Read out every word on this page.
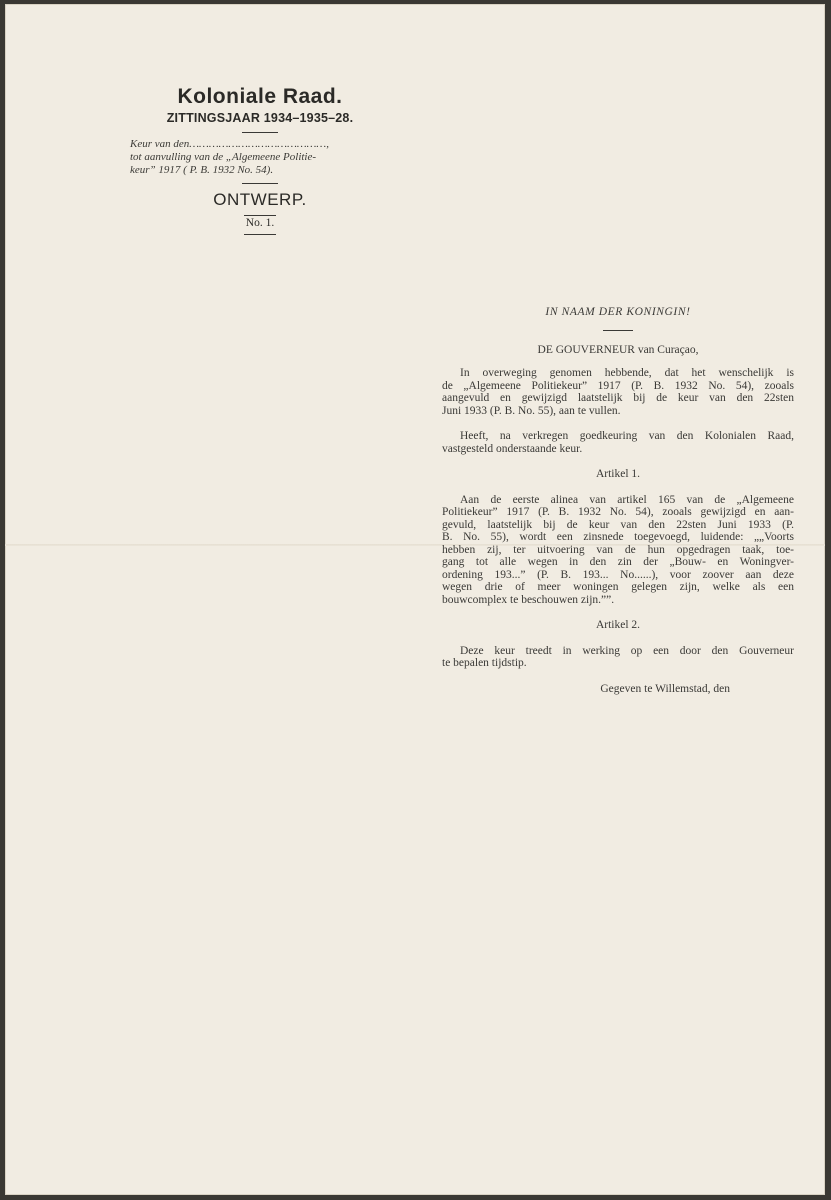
Koloniale Raad.

ZITTINGSJAAR 1934–1935–28.

Keur van den……………………………………,
tot aanvulling van de „Algemeene Politie-
keur” 1917 ( P. B. 1932 No. 54).

ONTWERP.

No. 1.

IN NAAM DER KONINGIN!

DE GOUVERNEUR van Curaçao,

In overweging genomen hebbende, dat het wenschelijk is
de „Algemeene Politiekeur” 1917 (P. B. 1932 No. 54), zooals
aangevuld en gewijzigd laatstelijk bij de keur van den 22sten
Juni 1933 (P. B. No. 55), aan te vullen.
Heeft, na verkregen goedkeuring van den Kolonialen Raad,
vastgesteld onderstaande keur.

Artikel 1.

Aan de eerste alinea van artikel 165 van de „Algemeene
Politiekeur” 1917 (P. B. 1932 No. 54), zooals gewijzigd en aan-
gevuld, laatstelijk bij de keur van den 22sten Juni 1933 (P.
B. No. 55), wordt een zinsnede toegevoegd, luidende: „„Voorts
hebben zij, ter uitvoering van de hun opgedragen taak, toe-
gang tot alle wegen in den zin der „Bouw- en Woningver-
ordening 193...” (P. B. 193... No......), voor zoover aan deze
wegen drie of meer woningen gelegen zijn, welke als een
bouwcomplex te beschouwen zijn.””.

Artikel 2.

Deze keur treedt in werking op een door den Gouverneur
te bepalen tijdstip.

Gegeven te Willemstad, den
